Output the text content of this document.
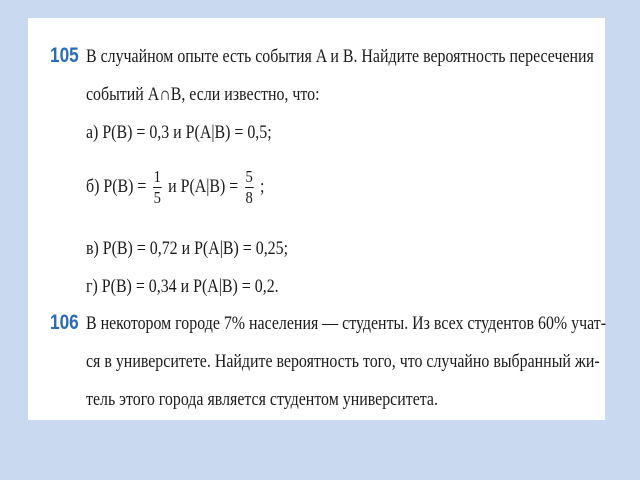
105 В случайном опыте есть события A и B. Найдите вероятность пересечения
событий A∩B, если известно, что:
а) P(B) = 0,3 и P(A|B) = 0,5;
б) $P(B) = \frac{1}{5}$ и $P(A|B) = \frac{5}{8}$ ;
в) P(B) = 0,72 и P(A|B) = 0,25;
г) P(B) = 0,34 и P(A|B) = 0,2.
106 В некотором городе 7% населения — студенты. Из всех студентов 60% учат-
ся в университете. Найдите вероятность того, что случайно выбранный жи-
тель этого города является студентом университета.
